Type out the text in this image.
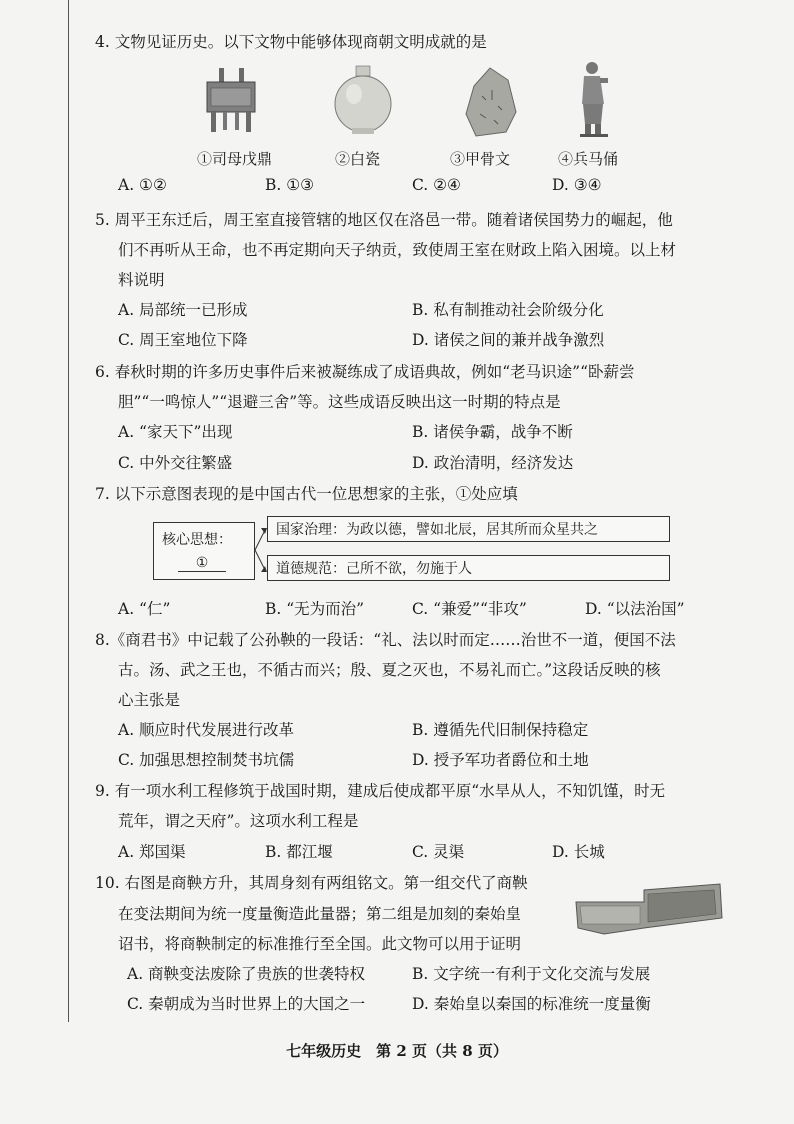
4. 文物见证历史。以下文物中能够体现商朝文明成就的是
①司母戊鼎	②白瓷	③甲骨文	④兵马俑
A. ①②	B. ①③	C. ②④	D. ③④
5. 周平王东迁后，周王室直接管辖的地区仅在洛邑一带。随着诸侯国势力的崛起，他
们不再听从王命，也不再定期向天子纳贡，致使周王室在财政上陷入困境。以上材
料说明
A. 局部统一已形成	B. 私有制推动社会阶级分化
C. 周王室地位下降	D. 诸侯之间的兼并战争激烈
6. 春秋时期的许多历史事件后来被凝练成了成语典故，例如“老马识途”“卧薪尝
胆”“一鸣惊人”“退避三舍”等。这些成语反映出这一时期的特点是
A. “家天下”出现	B. 诸侯争霸，战争不断
C. 中外交往繁盛	D. 政治清明，经济发达
7. 以下示意图表现的是中国古代一位思想家的主张，①处应填
核心思想：
①
国家治理：为政以德，譬如北辰，居其所而众星共之
道德规范：己所不欲，勿施于人
A. “仁”	B. “无为而治”	C. “兼爱”“非攻”	D. “以法治国”
8.《商君书》中记载了公孙鞅的一段话：“礼、法以时而定……治世不一道，便国不法
古。汤、武之王也，不循古而兴；殷、夏之灭也，不易礼而亡。”这段话反映的核
心主张是
A. 顺应时代发展进行改革	B. 遵循先代旧制保持稳定
C. 加强思想控制焚书坑儒	D. 授予军功者爵位和土地
9. 有一项水利工程修筑于战国时期，建成后使成都平原“水旱从人，不知饥馑，时无
荒年，谓之天府”。这项水利工程是
A. 郑国渠	B. 都江堰	C. 灵渠	D. 长城
10. 右图是商鞅方升，其周身刻有两组铭文。第一组交代了商鞅
在变法期间为统一度量衡造此量器；第二组是加刻的秦始皇
诏书，将商鞅制定的标准推行至全国。此文物可以用于证明
A. 商鞅变法废除了贵族的世袭特权	B. 文字统一有利于文化交流与发展
C. 秦朝成为当时世界上的大国之一	D. 秦始皇以秦国的标准统一度量衡
七年级历史　第 2 页（共 8 页）
